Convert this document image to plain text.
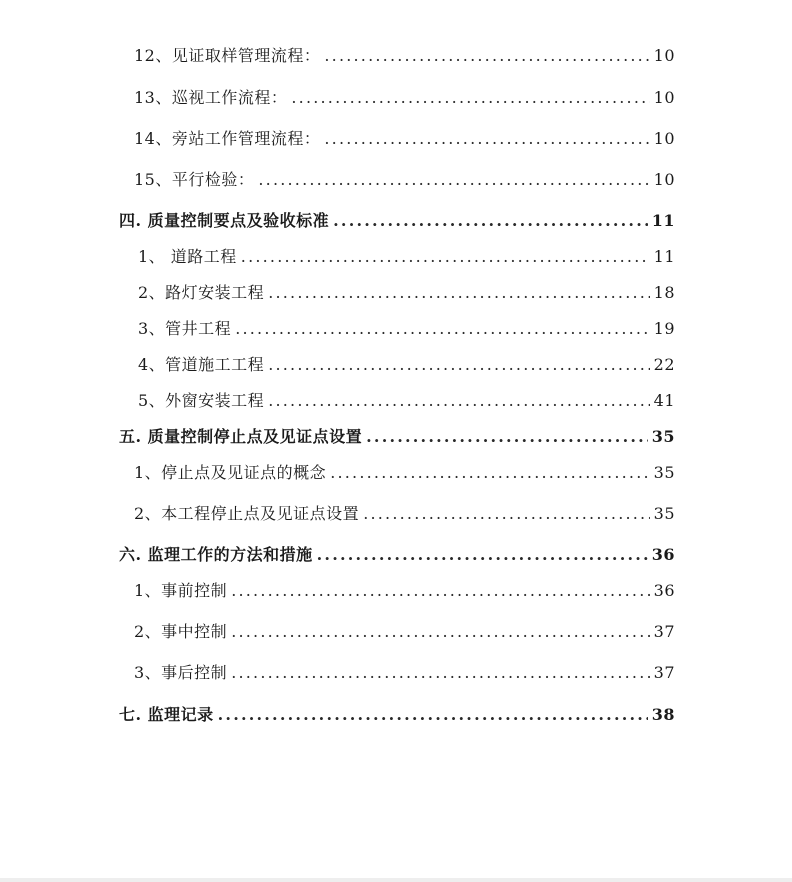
12、见证取样管理流程： .....	10
13、巡视工作流程： .....	10
14、旁站工作管理流程： .....	10
15、平行检验： .....	10
四. 质量控制要点及验收标准 .....	11
1、 道路工程 .....	11
2、路灯安装工程 .....	18
3、管井工程 .....	19
4、管道施工工程 .....	22
5、外窗安装工程 .....	41
五. 质量控制停止点及见证点设置 .....	35
1、停止点及见证点的概念 .....	35
2、本工程停止点及见证点设置 .....	35
六. 监理工作的方法和措施 .....	36
1、事前控制 .....	36
2、事中控制 .....	37
3、事后控制 .....	37
七. 监理记录 .....	38
